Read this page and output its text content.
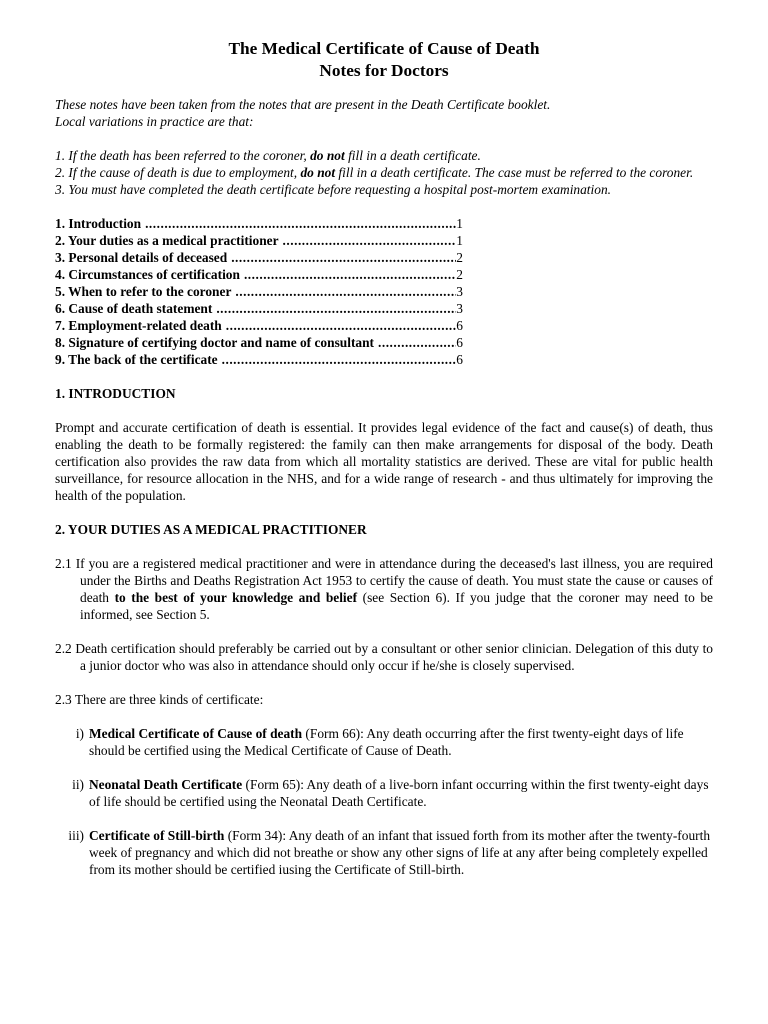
The Medical Certificate of Cause of Death
Notes for Doctors

These notes have been taken from the notes that are present in the Death Certificate booklet.

Local variations in practice are that:

1. If the death has been referred to the coroner, do not fill in a death certificate.

2. If the cause of death is due to employment, do not fill in a death certificate. The case must be referred to the coroner.

3. You must have completed the death certificate before requesting a hospital post-mortem examination.

1. Introduction .....	1
2. Your duties as a medical practitioner .....	1
3. Personal details of deceased .....	2
4. Circumstances of certification .....	2
5. When to refer to the coroner .....	3
6. Cause of death statement .....	3
7. Employment-related death .....	6
8. Signature of certifying doctor and name of consultant .....	6
9. The back of the certificate .....	6
1. INTRODUCTION

Prompt and accurate certification of death is essential. It provides legal evidence of the fact and cause(s) of death, thus enabling the death to be formally registered: the family can then make arrangements for disposal of the body. Death certification also provides the raw data from which all mortality statistics are derived. These are vital for public health surveillance, for resource allocation in the NHS, and for a wide range of research - and thus ultimately for improving the health of the population.

2. YOUR DUTIES AS A MEDICAL PRACTITIONER

2.1 If you are a registered medical practitioner and were in attendance during the deceased's last illness, you are required under the Births and Deaths Registration Act 1953 to certify the cause of death. You must state the cause or causes of death to the best of your knowledge and belief (see Section 6). If you judge that the coroner may need to be informed, see Section 5.

2.2 Death certification should preferably be carried out by a consultant or other senior clinician. Delegation of this duty to a junior doctor who was also in attendance should only occur if he/she is closely supervised.

2.3 There are three kinds of certificate:

i) Medical Certificate of Cause of death (Form 66): Any death occurring after the first twenty-eight days of life should be certified using the Medical Certificate of Cause of Death.
ii) Neonatal Death Certificate (Form 65): Any death of a live-born infant occurring within the first twenty-eight days of life should be certified using the Neonatal Death Certificate.
iii) Certificate of Still-birth (Form 34): Any death of an infant that issued forth from its mother after the twenty-fourth week of pregnancy and which did not breathe or show any other signs of life at any after being completely expelled from its mother should be certified iusing the Certificate of Still-birth.
